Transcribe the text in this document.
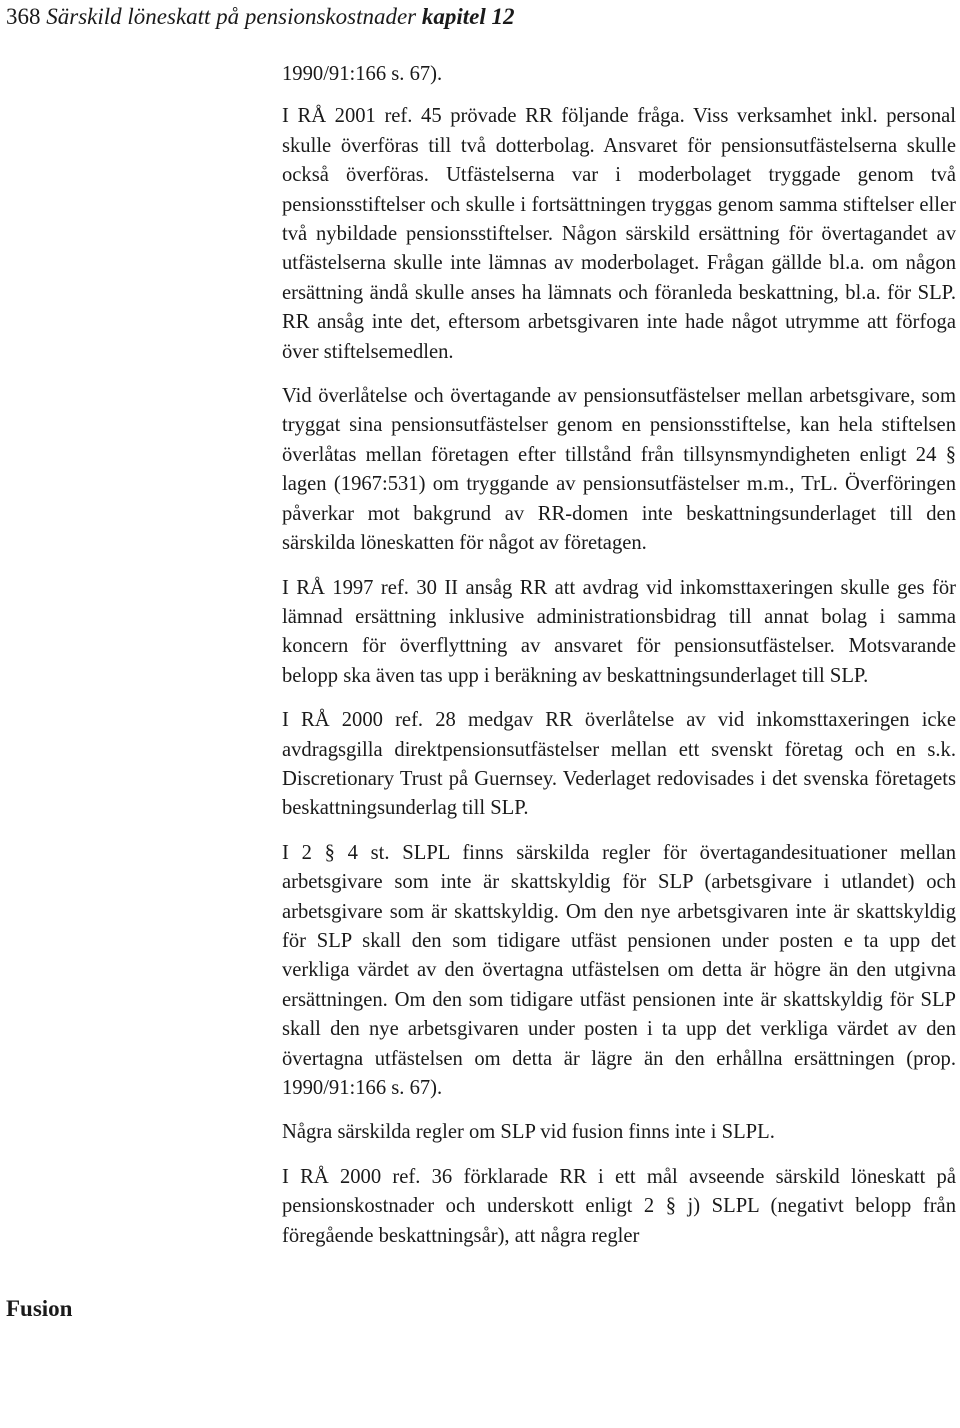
368 Särskild löneskatt på pensionskostnader kapitel 12
Fusion

1990/91:166 s. 67).

I RÅ 2001 ref. 45 prövade RR följande fråga. Viss verksamhet inkl. personal skulle överföras till två dotterbolag. Ansvaret för pensionsutfästelserna skulle också överföras. Utfästelserna var i moderbolaget tryggade genom två pensionsstiftelser och skulle i fortsättningen tryggas genom samma stiftelser eller två nybildade pensionsstiftelser. Någon särskild ersättning för övertagandet av utfästelserna skulle inte lämnas av moderbolaget. Frågan gällde bl.a. om någon ersättning ändå skulle anses ha lämnats och föranleda beskattning, bl.a. för SLP. RR ansåg inte det, eftersom arbetsgivaren inte hade något utrymme att förfoga över stiftelsemedlen.

Vid överlåtelse och övertagande av pensionsutfästelser mellan arbetsgivare, som tryggat sina pensionsutfästelser genom en pensionsstiftelse, kan hela stiftelsen överlåtas mellan företagen efter tillstånd från tillsynsmyndigheten enligt 24 § lagen (1967:531) om tryggande av pensionsutfästelser m.m., TrL. Överföringen påverkar mot bakgrund av RR-domen inte beskattningsunderlaget till den särskilda löneskatten för något av företagen.

I RÅ 1997 ref. 30 II ansåg RR att avdrag vid inkomsttaxeringen skulle ges för lämnad ersättning inklusive administrationsbidrag till annat bolag i samma koncern för överflyttning av ansvaret för pensionsutfästelser. Motsvarande belopp ska även tas upp i beräkning av beskattningsunderlaget till SLP.

I RÅ 2000 ref. 28 medgav RR överlåtelse av vid inkomsttaxeringen icke avdragsgilla direktpensionsutfästelser mellan ett svenskt företag och en s.k. Discretionary Trust på Guernsey. Vederlaget redovisades i det svenska företagets beskattningsunderlag till SLP.

I 2 § 4 st. SLPL finns särskilda regler för övertagandesituationer mellan arbetsgivare som inte är skattskyldig för SLP (arbetsgivare i utlandet) och arbetsgivare som är skattskyldig. Om den nye arbetsgivaren inte är skattskyldig för SLP skall den som tidigare utfäst pensionen under posten e ta upp det verkliga värdet av den övertagna utfästelsen om detta är högre än den utgivna ersättningen. Om den som tidigare utfäst pensionen inte är skattskyldig för SLP skall den nye arbetsgivaren under posten i ta upp det verkliga värdet av den övertagna utfästelsen om detta är lägre än den erhållna ersättningen (prop. 1990/91:166 s. 67).

Några särskilda regler om SLP vid fusion finns inte i SLPL.

I RÅ 2000 ref. 36 förklarade RR i ett mål avseende särskild löneskatt på pensionskostnader och underskott enligt 2 § j) SLPL (negativt belopp från föregående beskattningsår), att några regler
